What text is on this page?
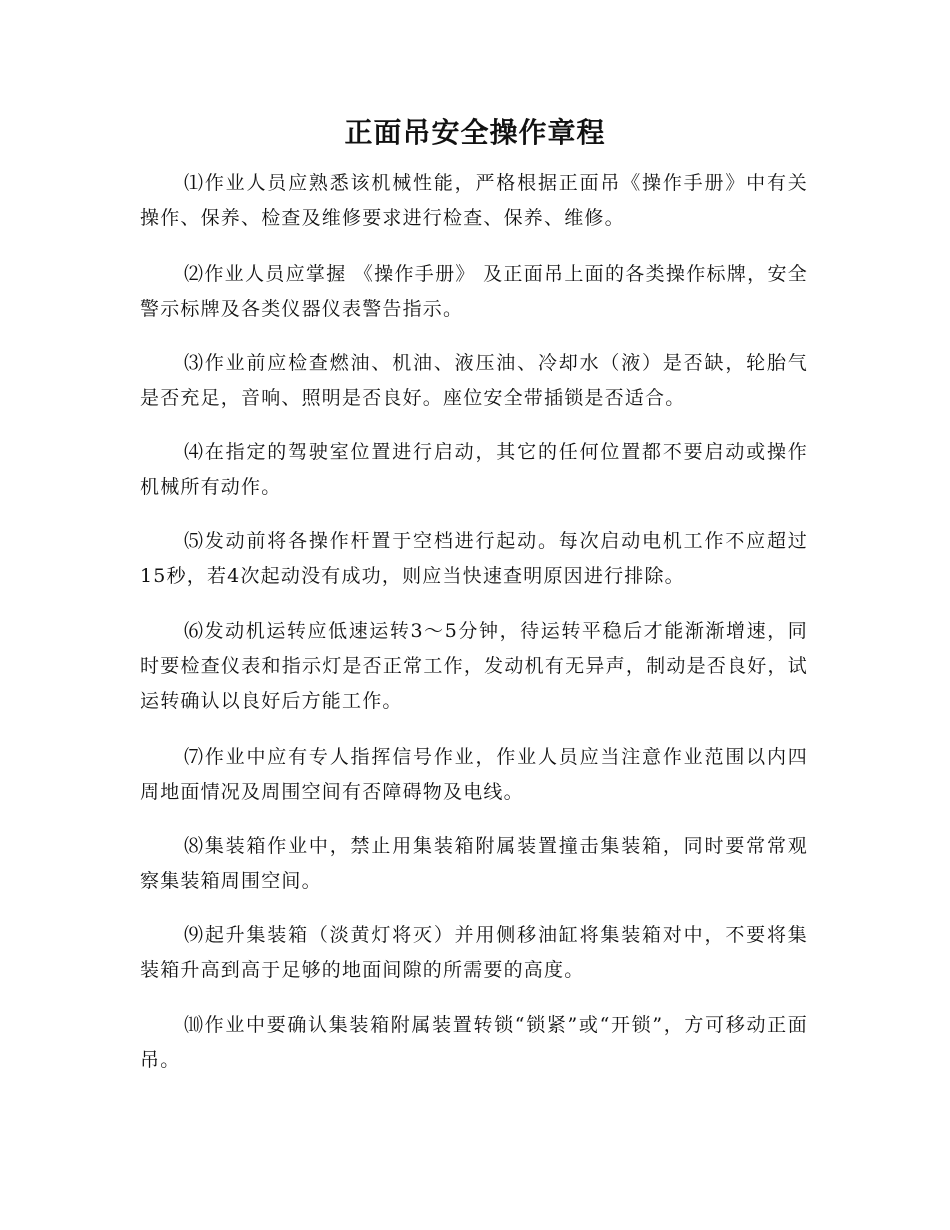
正面吊安全操作章程

⑴作业人员应熟悉该机械性能，严格根据正面吊《操作手册》中有关操作、保养、检查及维修要求进行检查、保养、维修。

⑵作业人员应掌握 《操作手册》 及正面吊上面的各类操作标牌，安全警示标牌及各类仪器仪表警告指示。

⑶作业前应检查燃油、机油、液压油、冷却水（液）是否缺，轮胎气是否充足，音响、照明是否良好。座位安全带插锁是否适合。

⑷在指定的驾驶室位置进行启动，其它的任何位置都不要启动或操作机械所有动作。

⑸发动前将各操作杆置于空档进行起动。每次启动电机工作不应超过15秒，若4次起动没有成功，则应当快速查明原因进行排除。

⑹发动机运转应低速运转3～5分钟，待运转平稳后才能渐渐增速，同时要检查仪表和指示灯是否正常工作，发动机有无异声，制动是否良好，试运转确认以良好后方能工作。

⑺作业中应有专人指挥信号作业，作业人员应当注意作业范围以内四周地面情况及周围空间有否障碍物及电线。

⑻集装箱作业中，禁止用集装箱附属装置撞击集装箱，同时要常常观察集装箱周围空间。

⑼起升集装箱（淡黄灯将灭）并用侧移油缸将集装箱对中，不要将集装箱升高到高于足够的地面间隙的所需要的高度。

⑽作业中要确认集装箱附属装置转锁“锁紧”或“开锁”，方可移动正面吊。
